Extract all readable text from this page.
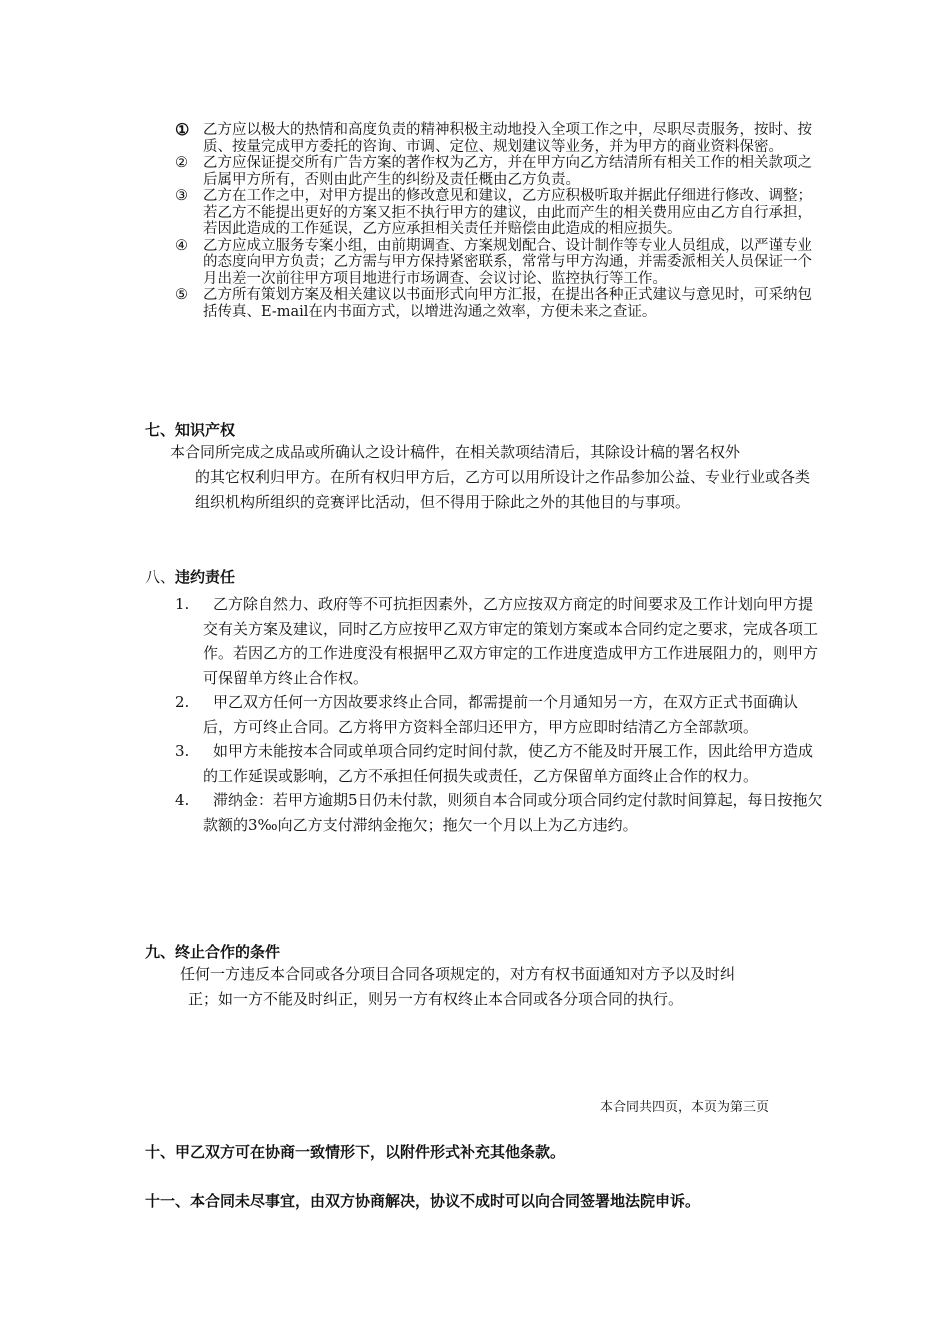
① 乙方应以极大的热情和高度负责的精神积极主动地投入全项工作之中，尽职尽责服务，按时、按质、按量完成甲方委托的咨询、市调、定位、规划建议等业务，并为甲方的商业资料保密。
②	乙方应保证提交所有广告方案的著作权为乙方，并在甲方向乙方结清所有相关工作的相关款项之后属甲方所有，否则由此产生的纠纷及责任概由乙方负责。
③	乙方在工作之中，对甲方提出的修改意见和建议，乙方应积极听取并据此仔细进行修改、调整；若乙方不能提出更好的方案又拒不执行甲方的建议，由此而产生的相关费用应由乙方自行承担，若因此造成的工作延误，乙方应承担相关责任并赔偿由此造成的相应损失。
④	乙方应成立服务专案小组，由前期调查、方案规划配合、设计制作等专业人员组成，以严谨专业的态度向甲方负责；乙方需与甲方保持紧密联系，常常与甲方沟通，并需委派相关人员保证一个月出差一次前往甲方项目地进行市场调查、会议讨论、监控执行等工作。
⑤	乙方所有策划方案及相关建议以书面形式向甲方汇报，在提出各种正式建议与意见时，可采纳包括传真、E-mail在内书面方式，以增进沟通之效率，方便未来之查证。
七、知识产权
本合同所完成之成品或所确认之设计稿件，在相关款项结清后，其除设计稿的署名权外
的其它权利归甲方。在所有权归甲方后，乙方可以用所设计之作品参加公益、专业行业或各类组织机构所组织的竞赛评比活动，但不得用于除此之外的其他目的与事项。
八、违约责任
1.	乙方除自然力、政府等不可抗拒因素外，乙方应按双方商定的时间要求及工作计划向甲方提交有关方案及建议，同时乙方应按甲乙双方审定的策划方案或本合同约定之要求，完成各项工作。若因乙方的工作进度没有根据甲乙双方审定的工作进度造成甲方工作进展阻力的，则甲方可保留单方终止合作权。
2.	甲乙双方任何一方因故要求终止合同，都需提前一个月通知另一方，在双方正式书面确认后，方可终止合同。乙方将甲方资料全部归还甲方，甲方应即时结清乙方全部款项。
3.	如甲方未能按本合同或单项合同约定时间付款，使乙方不能及时开展工作，因此给甲方造成的工作延误或影响，乙方不承担任何损失或责任，乙方保留单方面终止合作的权力。
4.	滞纳金：若甲方逾期5日仍未付款，则须自本合同或分项合同约定付款时间算起，每日按拖欠款额的3‰向乙方支付滞纳金拖欠；拖欠一个月以上为乙方违约。
九、终止合作的条件
任何一方违反本合同或各分项目合同各项规定的，对方有权书面通知对方予以及时纠
正；如一方不能及时纠正，则另一方有权终止本合同或各分项合同的执行。
本合同共四页，本页为第三页
十、甲乙双方可在协商一致情形下，以附件形式补充其他条款。
十一、本合同未尽事宜，由双方协商解决，协议不成时可以向合同签署地法院申诉。
